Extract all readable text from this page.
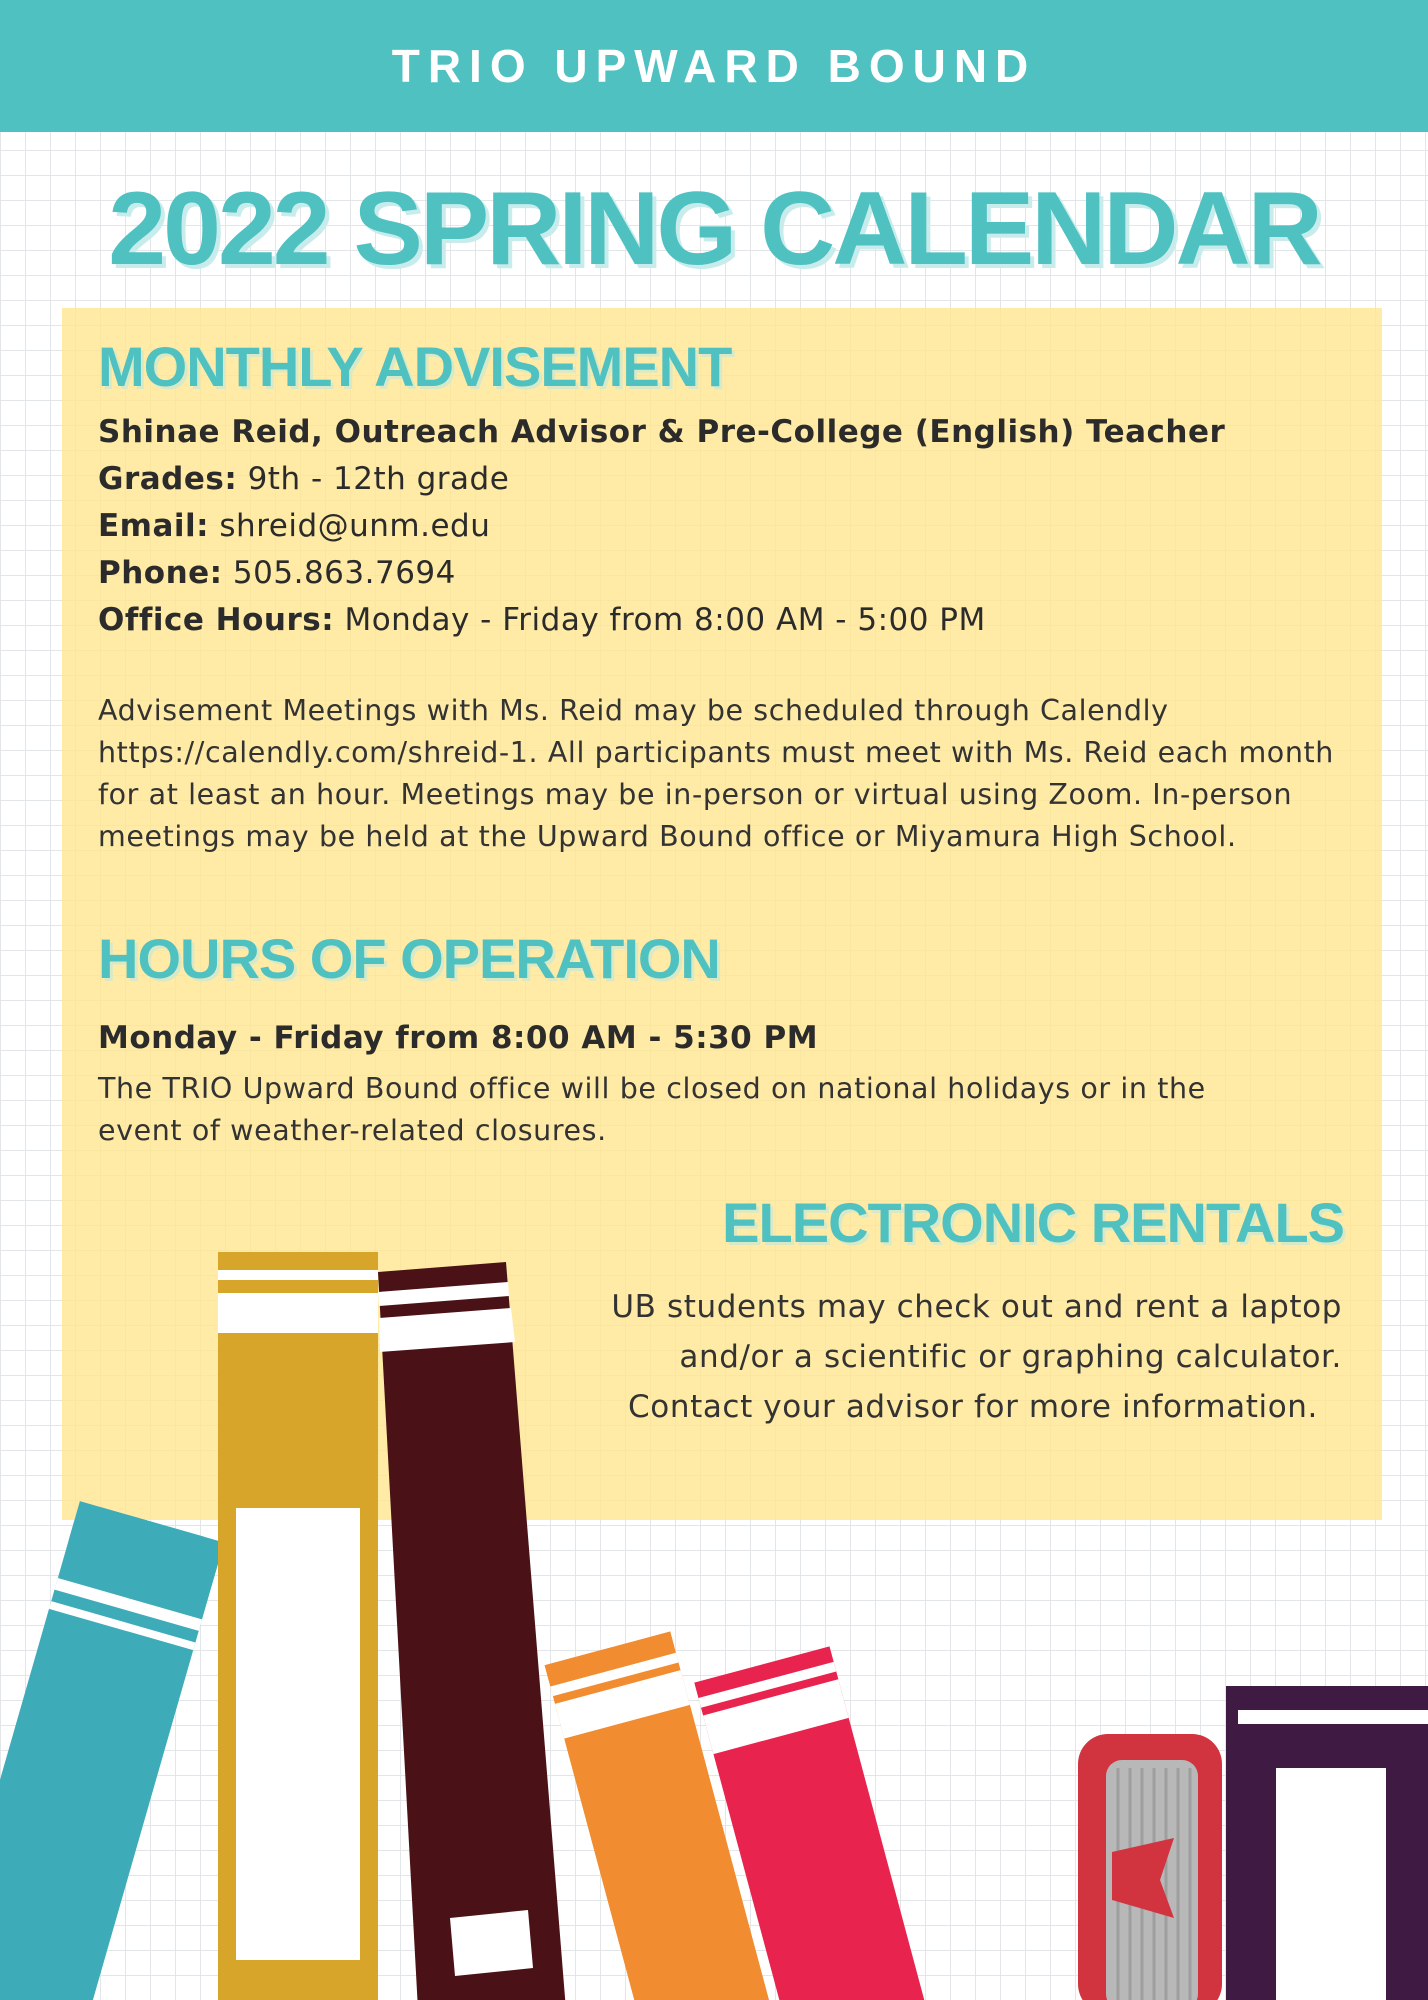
TRIO UPWARD BOUND
2022 SPRING CALENDAR
MONTHLY ADVISEMENT
Shinae Reid, Outreach Advisor & Pre-College (English) Teacher
Grades: 9th - 12th grade
Email: shreid@unm.edu
Phone: 505.863.7694
Office Hours: Monday - Friday from 8:00 AM - 5:00 PM
Advisement Meetings with Ms. Reid may be scheduled through Calendly
https://calendly.com/shreid-1. All participants must meet with Ms. Reid each month
for at least an hour. Meetings may be in-person or virtual using Zoom. In-person
meetings may be held at the Upward Bound office or Miyamura High School.
HOURS OF OPERATION
Monday - Friday from 8:00 AM - 5:30 PM
The TRIO Upward Bound office will be closed on national holidays or in the
event of weather-related closures.
ELECTRONIC RENTALS
UB students may check out and rent a laptop
and/or a scientific or graphing calculator.
Contact your advisor for more information.
